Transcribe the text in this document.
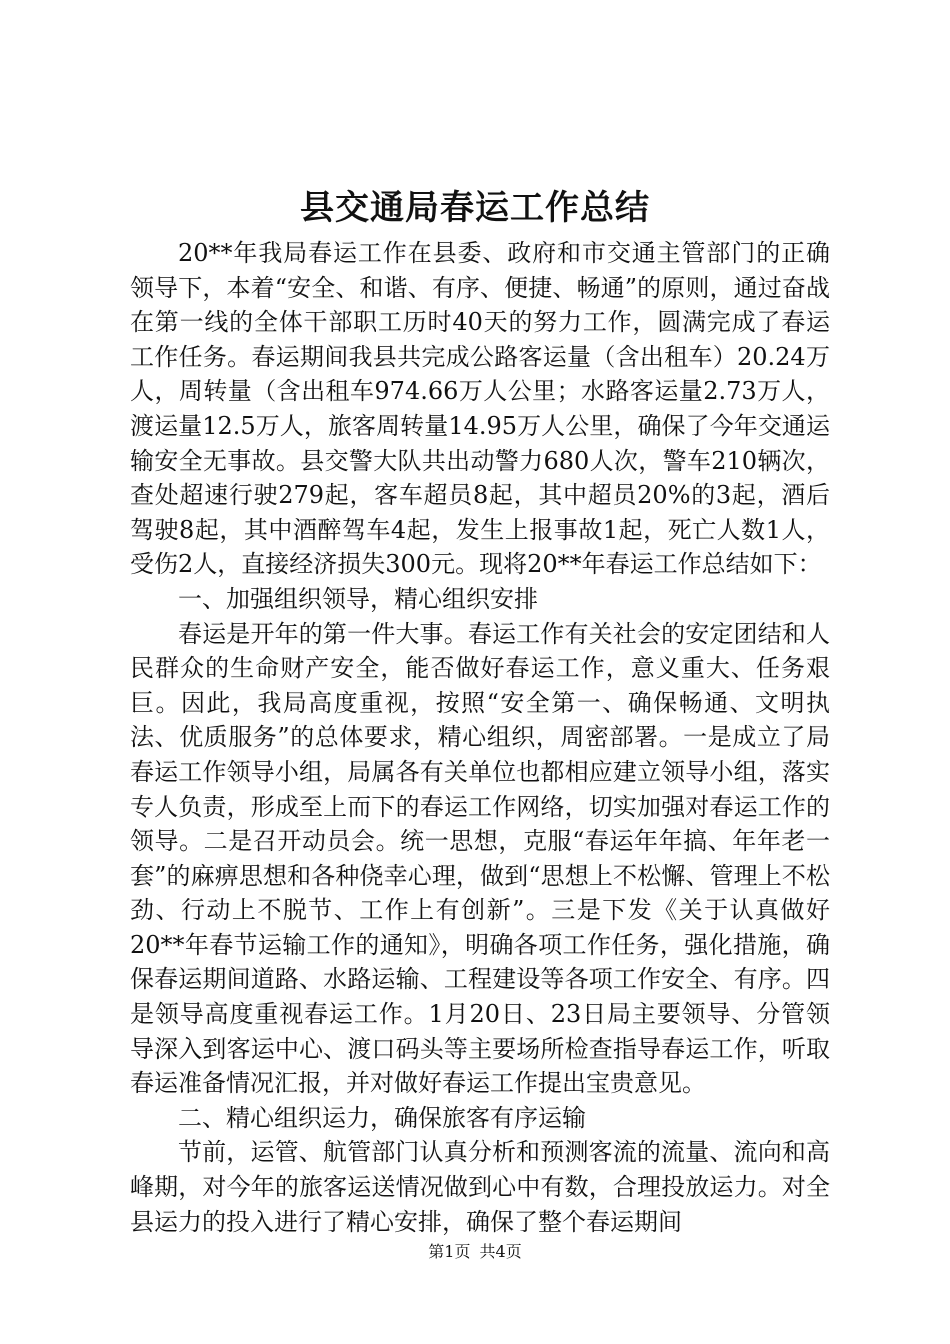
县交通局春运工作总结

20**年我局春运工作在县委、政府和市交通主管部门的正确领导下，本着“安全、和谐、有序、便捷、畅通”的原则，通过奋战在第一线的全体干部职工历时40天的努力工作，圆满完成了春运工作任务。春运期间我县共完成公路客运量（含出租车）20.24万人，周转量（含出租车974.66万人公里；水路客运量2.73万人，渡运量12.5万人，旅客周转量14.95万人公里，确保了今年交通运输安全无事故。县交警大队共出动警力680人次，警车210辆次，查处超速行驶279起，客车超员8起，其中超员20%的3起，酒后驾驶8起，其中酒醉驾车4起，发生上报事故1起，死亡人数1人，受伤2人，直接经济损失300元。现将20**年春运工作总结如下：

一、加强组织领导，精心组织安排

春运是开年的第一件大事。春运工作有关社会的安定团结和人民群众的生命财产安全，能否做好春运工作，意义重大、任务艰巨。因此，我局高度重视，按照“安全第一、确保畅通、文明执法、优质服务”的总体要求，精心组织，周密部署。一是成立了局春运工作领导小组，局属各有关单位也都相应建立领导小组，落实专人负责，形成至上而下的春运工作网络，切实加强对春运工作的领导。二是召开动员会。统一思想，克服“春运年年搞、年年老一套”的麻痹思想和各种侥幸心理，做到“思想上不松懈、管理上不松劲、行动上不脱节、工作上有创新”。三是下发《关于认真做好20**年春节运输工作的通知》，明确各项工作任务，强化措施，确保春运期间道路、水路运输、工程建设等各项工作安全、有序。四是领导高度重视春运工作。1月20日、23日局主要领导、分管领导深入到客运中心、渡口码头等主要场所检查指导春运工作，听取春运准备情况汇报，并对做好春运工作提出宝贵意见。

二、精心组织运力，确保旅客有序运输

节前，运管、航管部门认真分析和预测客流的流量、流向和高峰期，对今年的旅客运送情况做到心中有数，合理投放运力。对全县运力的投入进行了精心安排，确保了整个春运期间

第1页 共4页
